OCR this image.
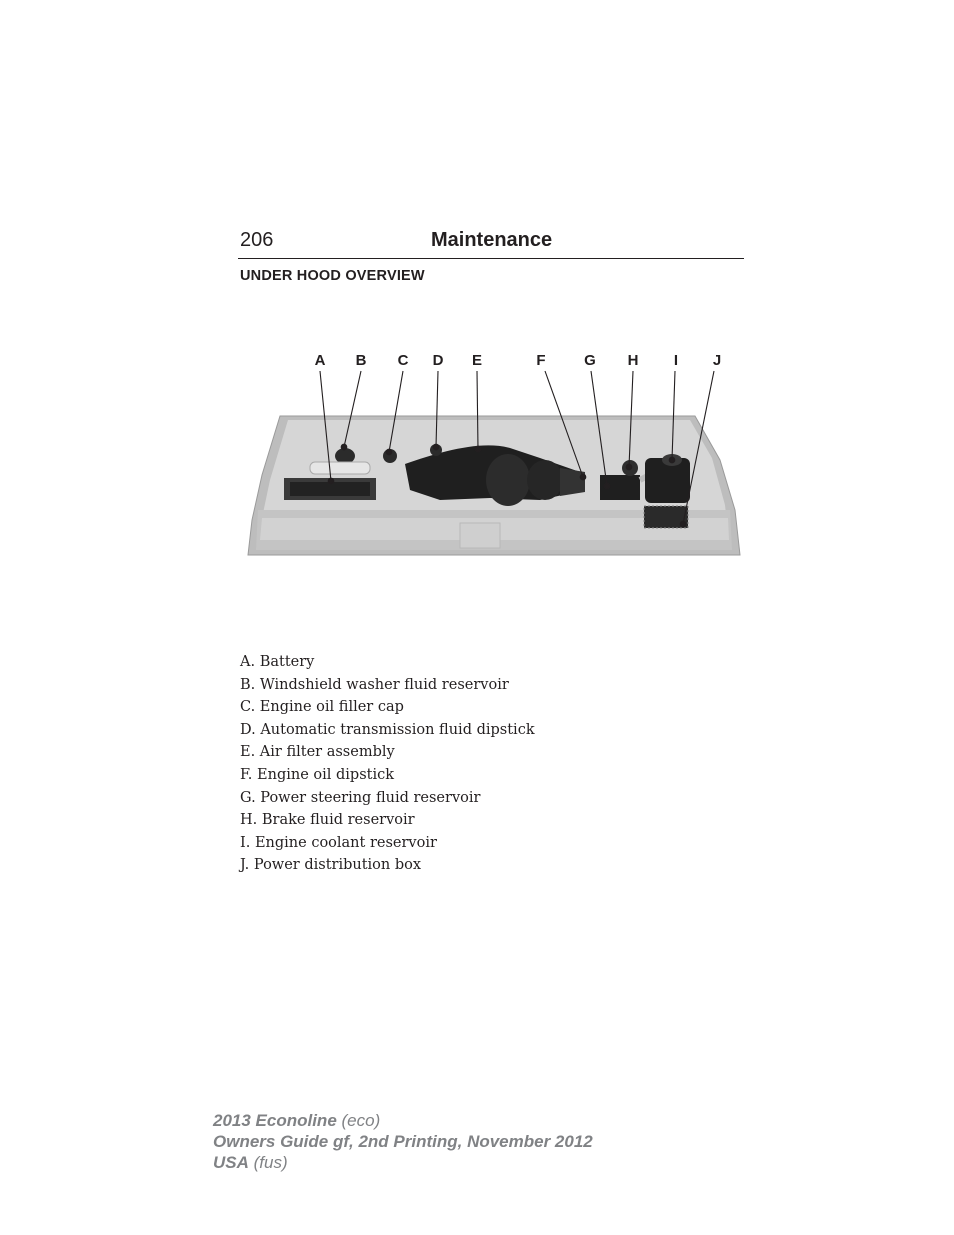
206	Maintenance
UNDER HOOD OVERVIEW
A B C D E	F	G H I J
A. Battery
B. Windshield washer fluid reservoir
C. Engine oil filler cap
D. Automatic transmission fluid dipstick
E. Air filter assembly
F. Engine oil dipstick
G. Power steering fluid reservoir
H. Brake fluid reservoir
I. Engine coolant reservoir
J. Power distribution box
2013 Econoline (eco)
Owners Guide gf, 2nd Printing, November 2012
USA (fus)
